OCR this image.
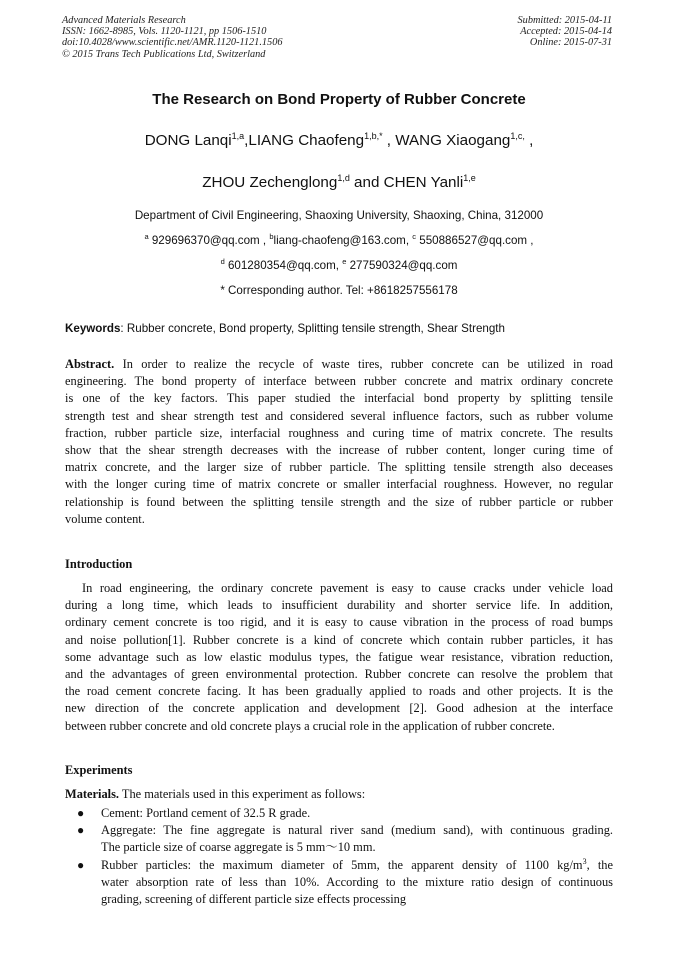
Advanced Materials Research
ISSN: 1662-8985, Vols. 1120-1121, pp 1506-1510
doi:10.4028/www.scientific.net/AMR.1120-1121.1506
© 2015 Trans Tech Publications Ltd, Switzerland
Submitted: 2015-04-11
Accepted: 2015-04-14
Online: 2015-07-31
The Research on Bond Property of Rubber Concrete
DONG Lanqi$^{1,a}$,LIANG Chaofeng$^{1,b,*}$ , WANG Xiaogang$^{1,c,}$ ,
ZHOU Zechenglong$^{1,d}$ and CHEN Yanli$^{1,e}$
Department of Civil Engineering, Shaoxing University, Shaoxing, China, 312000
$^a$ 929696370@qq.com , $^b$liang-chaofeng@163.com, $^c$ 550886527@qq.com ,
$^d$ 601280354@qq.com, $^e$ 277590324@qq.com
* Corresponding author. Tel: +8618257556178
Keywords: Rubber concrete, Bond property, Splitting tensile strength, Shear Strength
Abstract. In order to realize the recycle of waste tires, rubber concrete can be utilized in road
engineering. The bond property of interface between rubber concrete and matrix ordinary concrete
is one of the key factors. This paper studied the interfacial bond property by splitting tensile
strength test and shear strength test and considered several influence factors, such as rubber volume
fraction, rubber particle size, interfacial roughness and curing time of matrix concrete. The results
show that the shear strength decreases with the increase of rubber content, longer curing time of
matrix concrete, and the larger size of rubber particle. The splitting tensile strength also deceases
with the longer curing time of matrix concrete or smaller interfacial roughness. However, no regular
relationship is found between the splitting tensile strength and the size of rubber particle or rubber
volume content.
Introduction
In road engineering, the ordinary concrete pavement is easy to cause cracks under vehicle load
during a long time, which leads to insufficient durability and shorter service life. In addition,
ordinary cement concrete is too rigid, and it is easy to cause vibration in the process of road bumps
and noise pollution[1]. Rubber concrete is a kind of concrete which contain rubber particles, it has
some advantage such as low elastic modulus types, the fatigue wear resistance, vibration reduction,
and the advantages of green environmental protection. Rubber concrete can resolve the problem that
the road cement concrete facing. It has been gradually applied to roads and other projects. It is the
new direction of the concrete application and development [2]. Good adhesion at the interface
between rubber concrete and old concrete plays a crucial role in the application of rubber concrete.
Experiments
Materials. The materials used in this experiment as follows:
● Cement: Portland cement of 32.5 R grade.
● Aggregate: The fine aggregate is natural river sand (medium sand), with continuous grading.
The particle size of coarse aggregate is 5 mm〜10 mm.
● Rubber particles: the maximum diameter of 5mm, the apparent density of 1100 $kg/m^3$, the
water absorption rate of less than 10%. According to the mixture ratio design of continuous
grading, screening of different particle size effects processing
